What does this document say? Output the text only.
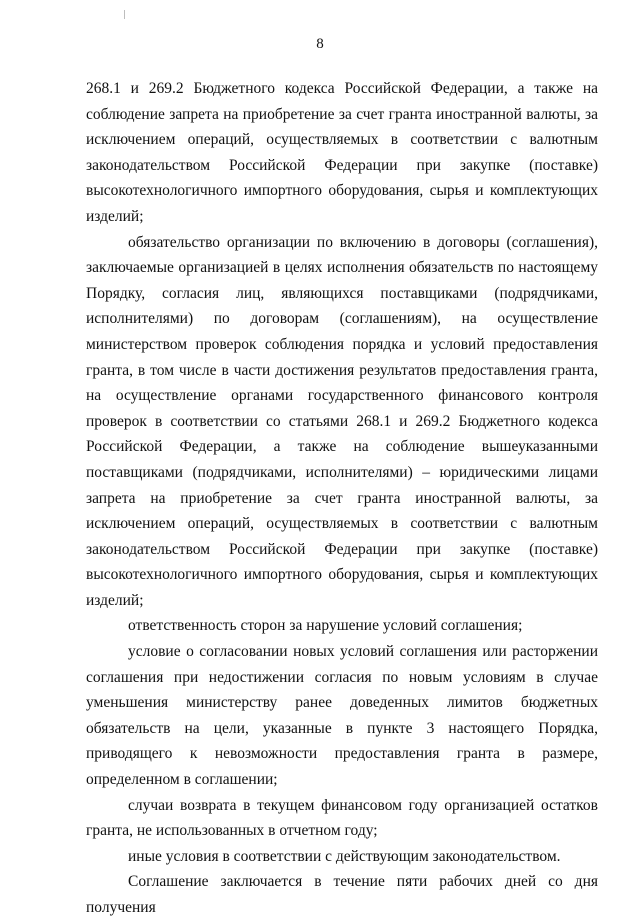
8

268.1 и 269.2 Бюджетного кодекса Российской Федерации, а также на соблюдение запрета на приобретение за счет гранта иностранной валюты, за исключением операций, осуществляемых в соответствии с валютным законодательством Российской Федерации при закупке (поставке) высокотехнологичного импортного оборудования, сырья и комплектующих изделий;

обязательство организации по включению в договоры (соглашения), заключаемые организацией в целях исполнения обязательств по настоящему Порядку, согласия лиц, являющихся поставщиками (подрядчиками, исполнителями) по договорам (соглашениям), на осуществление министерством проверок соблюдения порядка и условий предоставления гранта, в том числе в части достижения результатов предоставления гранта, на осуществление органами государственного финансового контроля проверок в соответствии со статьями 268.1 и 269.2 Бюджетного кодекса Российской Федерации, а также на соблюдение вышеуказанными поставщиками (подрядчиками, исполнителями) – юридическими лицами запрета на приобретение за счет гранта иностранной валюты, за исключением операций, осуществляемых в соответствии с валютным законодательством Российской Федерации при закупке (поставке) высокотехнологичного импортного оборудования, сырья и комплектующих изделий;

ответственность сторон за нарушение условий соглашения;

условие о согласовании новых условий соглашения или расторжении соглашения при недостижении согласия по новым условиям в случае уменьшения министерству ранее доведенных лимитов бюджетных обязательств на цели, указанные в пункте 3 настоящего Порядка, приводящего к невозможности предоставления гранта в размере, определенном в соглашении;

случаи возврата в текущем финансовом году организацией остатков гранта, не использованных в отчетном году;

иные условия в соответствии с действующим законодательством.

Соглашение заключается в течение пяти рабочих дней со дня получения
